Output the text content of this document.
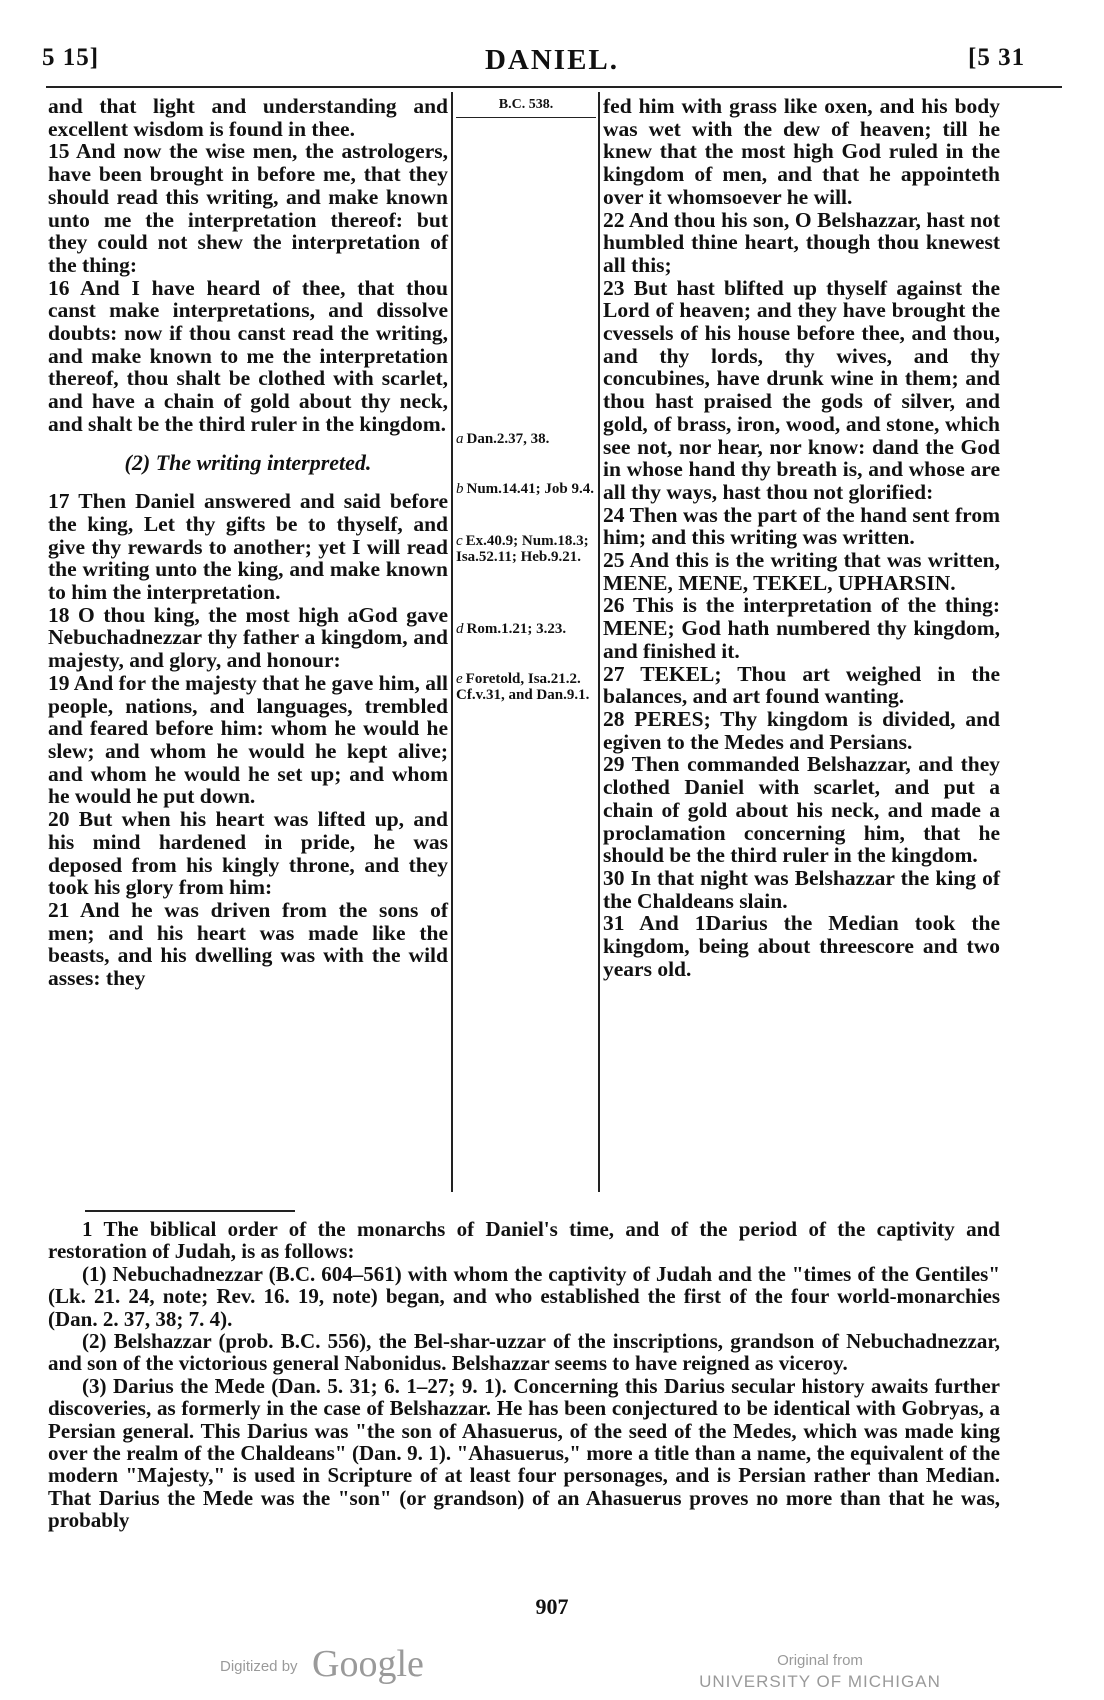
5 15]	DANIEL.	[5 31

and that light and understanding and excellent wisdom is found in thee.

15 And now the wise men, the astrologers, have been brought in before me, that they should read this writing, and make known unto me the interpretation thereof: but they could not shew the interpretation of the thing:

16 And I have heard of thee, that thou canst make interpretations, and dissolve doubts: now if thou canst read the writing, and make known to me the interpretation thereof, thou shalt be clothed with scarlet, and have a chain of gold about thy neck, and shalt be the third ruler in the kingdom.

(2) The writing interpreted.

17 Then Daniel answered and said before the king, Let thy gifts be to thyself, and give thy rewards to another; yet I will read the writing unto the king, and make known to him the interpretation.

18 O thou king, the most high aGod gave Nebuchadnezzar thy father a kingdom, and majesty, and glory, and honour:

19 And for the majesty that he gave him, all people, nations, and languages, trembled and feared before him: whom he would he slew; and whom he would he kept alive; and whom he would he set up; and whom he would he put down.

20 But when his heart was lifted up, and his mind hardened in pride, he was deposed from his kingly throne, and they took his glory from him:

21 And he was driven from the sons of men; and his heart was made like the beasts, and his dwelling was with the wild asses: they

B.C. 538.
a Dan.2.37, 38.
b Num.14.41; Job 9.4.
c Ex.40.9; Num.18.3; Isa.52.11; Heb.9.21.
d Rom.1.21; 3.23.
e Foretold, Isa.21.2. Cf.v.31, and Dan.9.1.

fed him with grass like oxen, and his body was wet with the dew of heaven; till he knew that the most high God ruled in the kingdom of men, and that he appointeth over it whomsoever he will.

22 And thou his son, O Belshazzar, hast not humbled thine heart, though thou knewest all this;

23 But hast blifted up thyself against the Lord of heaven; and they have brought the cvessels of his house before thee, and thou, and thy lords, thy wives, and thy concubines, have drunk wine in them; and thou hast praised the gods of silver, and gold, of brass, iron, wood, and stone, which see not, nor hear, nor know: dand the God in whose hand thy breath is, and whose are all thy ways, hast thou not glorified:

24 Then was the part of the hand sent from him; and this writing was written.

25 And this is the writing that was written, MENE, MENE, TEKEL, UPHARSIN.

26 This is the interpretation of the thing: MENE; God hath numbered thy kingdom, and finished it.

27 TEKEL; Thou art weighed in the balances, and art found wanting.

28 PERES; Thy kingdom is divided, and egiven to the Medes and Persians.

29 Then commanded Belshazzar, and they clothed Daniel with scarlet, and put a chain of gold about his neck, and made a proclamation concerning him, that he should be the third ruler in the kingdom.

30 In that night was Belshazzar the king of the Chaldeans slain.

31 And 1Darius the Median took the kingdom, being about threescore and two years old.

1 The biblical order of the monarchs of Daniel's time, and of the period of the captivity and restoration of Judah, is as follows:

(1) Nebuchadnezzar (B.C. 604–561) with whom the captivity of Judah and the "times of the Gentiles" (Lk. 21. 24, note; Rev. 16. 19, note) began, and who established the first of the four world-monarchies (Dan. 2. 37, 38; 7. 4).

(2) Belshazzar (prob. B.C. 556), the Bel-shar-uzzar of the inscriptions, grandson of Nebuchadnezzar, and son of the victorious general Nabonidus. Belshazzar seems to have reigned as viceroy.

(3) Darius the Mede (Dan. 5. 31; 6. 1–27; 9. 1). Concerning this Darius secular history awaits further discoveries, as formerly in the case of Belshazzar. He has been conjectured to be identical with Gobryas, a Persian general. This Darius was "the son of Ahasuerus, of the seed of the Medes, which was made king over the realm of the Chaldeans" (Dan. 9. 1). "Ahasuerus," more a title than a name, the equivalent of the modern "Majesty," is used in Scripture of at least four personages, and is Persian rather than Median. That Darius the Mede was the "son" (or grandson) of an Ahasuerus proves no more than that he was, probably

907
Digitized by Google	Original from
UNIVERSITY OF MICHIGAN
